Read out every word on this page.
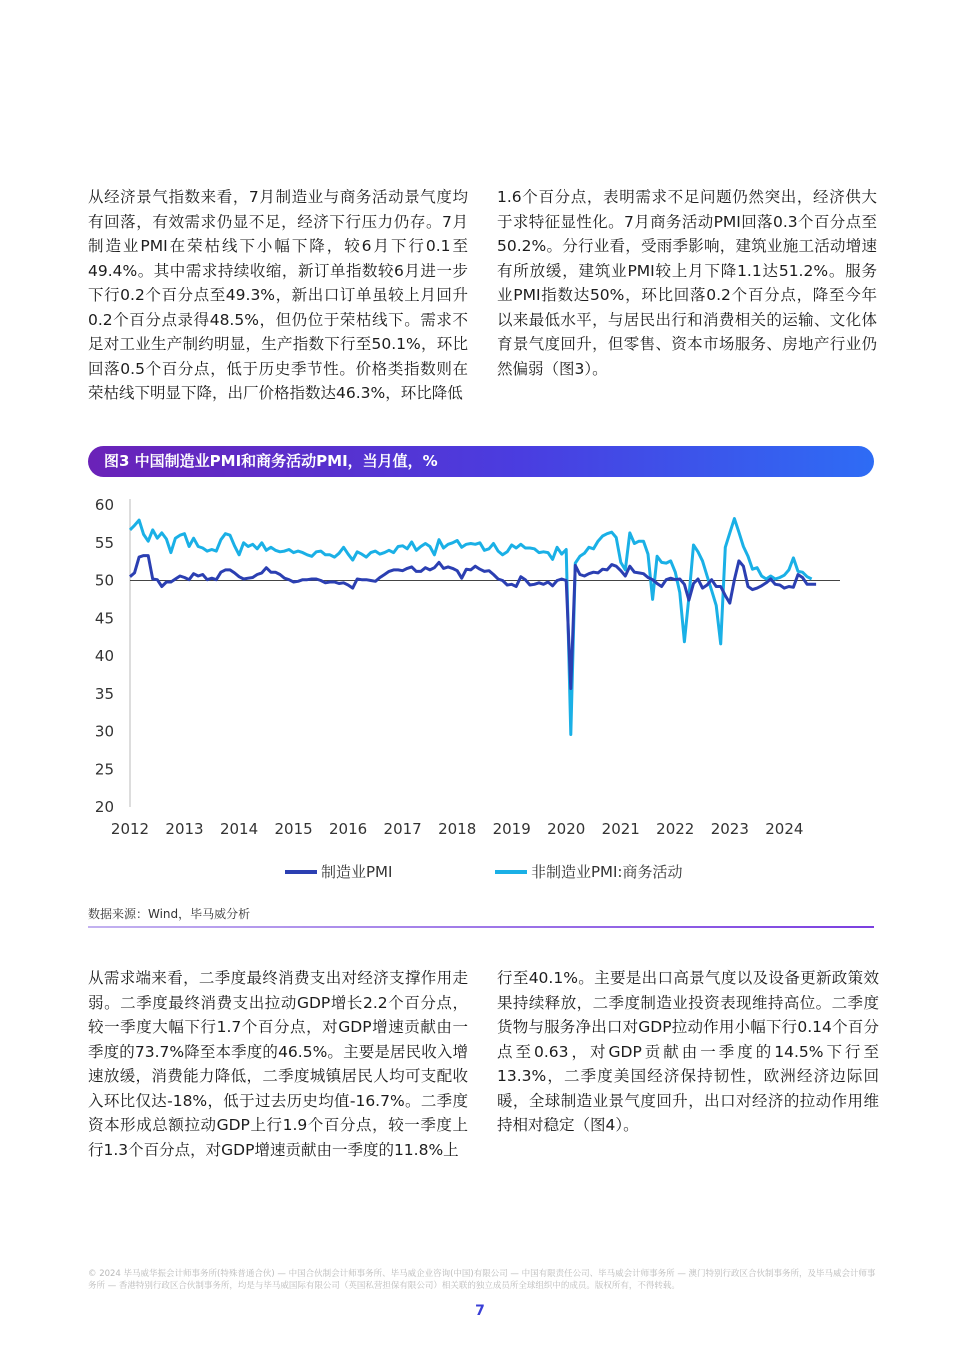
从经济景气指数来看，7月制造业与商务活动景气度均有回落，有效需求仍显不足，经济下行压力仍存。7月制造业PMI在荣枯线下小幅下降，较6月下行0.1至49.4%。其中需求持续收缩，新订单指数较6月进一步下行0.2个百分点至49.3%，新出口订单虽较上月回升0.2个百分点录得48.5%，但仍位于荣枯线下。需求不足对工业生产制约明显，生产指数下行至50.1%，环比回落0.5个百分点，低于历史季节性。价格类指数则在荣枯线下明显下降，出厂价格指数达46.3%，环比降低

1.6个百分点，表明需求不足问题仍然突出，经济供大于求特征显性化。7月商务活动PMI回落0.3个百分点至50.2%。分行业看，受雨季影响，建筑业施工活动增速有所放缓，建筑业PMI较上月下降1.1达51.2%。服务业PMI指数达50%，环比回落0.2个百分点，降至今年以来最低水平，与居民出行和消费相关的运输、文化体育景气度回升，但零售、资本市场服务、房地产行业仍然偏弱（图3）。

图3 中国制造业PMI和商务活动PMI，当月值，%
60
55
50
45
40
35
30
25
20
2012 2013 2014 2015 2016 2017 2018 2019 2020 2021 2022 2023 2024
制造业PMI	非制造业PMI:商务活动
数据来源：Wind，毕马威分析

从需求端来看，二季度最终消费支出对经济支撑作用走弱。二季度最终消费支出拉动GDP增长2.2个百分点，较一季度大幅下行1.7个百分点，对GDP增速贡献由一季度的73.7%降至本季度的46.5%。主要是居民收入增速放缓，消费能力降低，二季度城镇居民人均可支配收入环比仅达-18%，低于过去历史均值-16.7%。二季度资本形成总额拉动GDP上行1.9个百分点，较一季度上行1.3个百分点，对GDP增速贡献由一季度的11.8%上

行至40.1%。主要是出口高景气度以及设备更新政策效果持续释放，二季度制造业投资表现维持高位。二季度货物与服务净出口对GDP拉动作用小幅下行0.14个百分点至0.63，对GDP贡献由一季度的14.5%下行至13.3%，二季度美国经济保持韧性，欧洲经济边际回暖，全球制造业景气度回升，出口对经济的拉动作用维持相对稳定（图4）。

© 2024 毕马威华振会计师事务所(特殊普通合伙) — 中国合伙制会计师事务所、毕马威企业咨询(中国)有限公司 — 中国有限责任公司、毕马威会计师事务所 — 澳门特别行政区合伙制事务所，及毕马威会计师事务所 — 香港特别行政区合伙制事务所，均是与毕马威国际有限公司（英国私营担保有限公司）相关联的独立成员所全球组织中的成员。版权所有，不得转载。
7
